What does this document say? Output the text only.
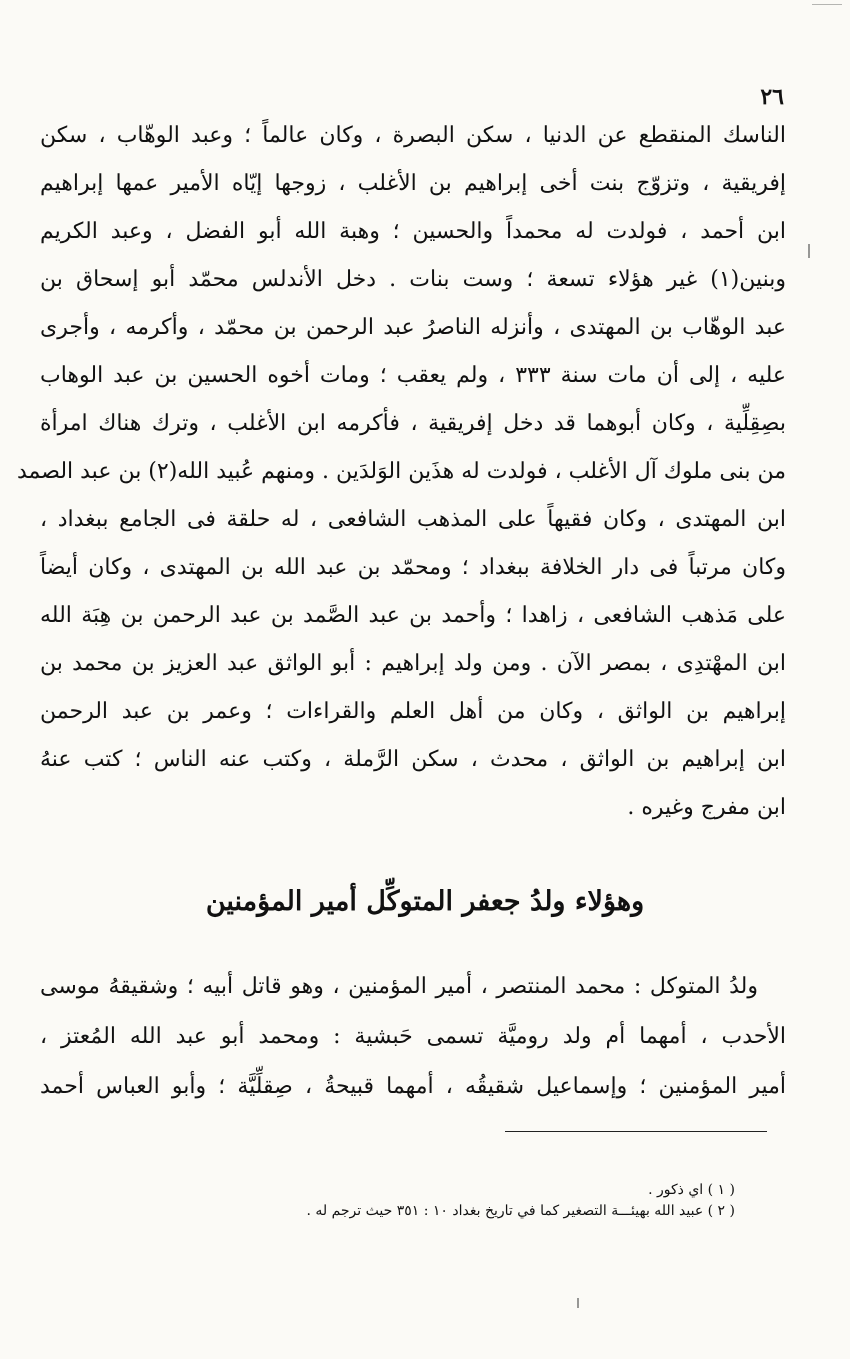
٢٦
الناسك المنقطع عن الدنيا ، سكن البصرة ، وكان عالماً ؛ وعبد الوهّاب ، سكن
إفريقية ، وتزوّج بنت أخى إبراهيم بن الأغلب ، زوجها إيّاه الأمير عمها إبراهيم
ابن أحمد ، فولدت له محمداً والحسين ؛ وهبة الله أبو الفضل ، وعبد الكريم
وبنين(١) غير هؤلاء تسعة ؛ وست بنات . دخل الأندلس محمّد أبو إسحاق بن
عبد الوهّاب بن المهتدى ، وأنزله الناصرُ عبد الرحمن بن محمّد ، وأكرمه ، وأجرى
عليه ، إلى أن مات سنة ٣٣٣ ، ولم يعقب ؛ ومات أخوه الحسين بن عبد الوهاب
بصِقِلِّية ، وكان أبوهما قد دخل إفريقية ، فأكرمه ابن الأغلب ، وترك هناك امرأة
من بنى ملوك آل الأغلب ، فولدت له هذَين الوَلدَين . ومنهم عُبيد الله(٢) بن عبد الصمد
ابن المهتدى ، وكان فقيهاً على المذهب الشافعى ، له حلقة فى الجامع ببغداد ،
وكان مرتباً فى دار الخلافة ببغداد ؛ ومحمّد بن عبد الله بن المهتدى ، وكان أيضاً
على مَذهب الشافعى ، زاهدا ؛ وأحمد بن عبد الصَّمد بن عبد الرحمن بن هِبَة الله
ابن المهْتدِى ، بمصر الآن . ومن ولد إبراهيم : أبو الواثق عبد العزيز بن محمد بن
إبراهيم بن الواثق ، وكان من أهل العلم والقراءات ؛ وعمر بن عبد الرحمن
ابن إبراهيم بن الواثق ، محدث ، سكن الرَّملة ، وكتب عنه الناس ؛ كتب عنهُ
ابن مفرج وغيره .
وهؤلاء ولدُ جعفر المتوكِّل أمير المؤمنين
ولدُ المتوكل : محمد المنتصر ، أمير المؤمنين ، وهو قاتل أبيه ؛ وشقيقهُ موسى
الأحدب ، أمهما أم ولد روميَّة تسمى حَبشية : ومحمد أبو عبد الله المُعتز ،
أمير المؤمنين ؛ وإسماعيل شقيقُه ، أمهما قبيحةُ ، صِقلِّيَّة ؛ وأبو العباس أحمد
( ١ ) اي ذكور .
( ٢ ) عبيد الله بهيئـــة التصغير كما في تاريخ بغداد ١٠ : ٣٥١ حيث ترجم له .
